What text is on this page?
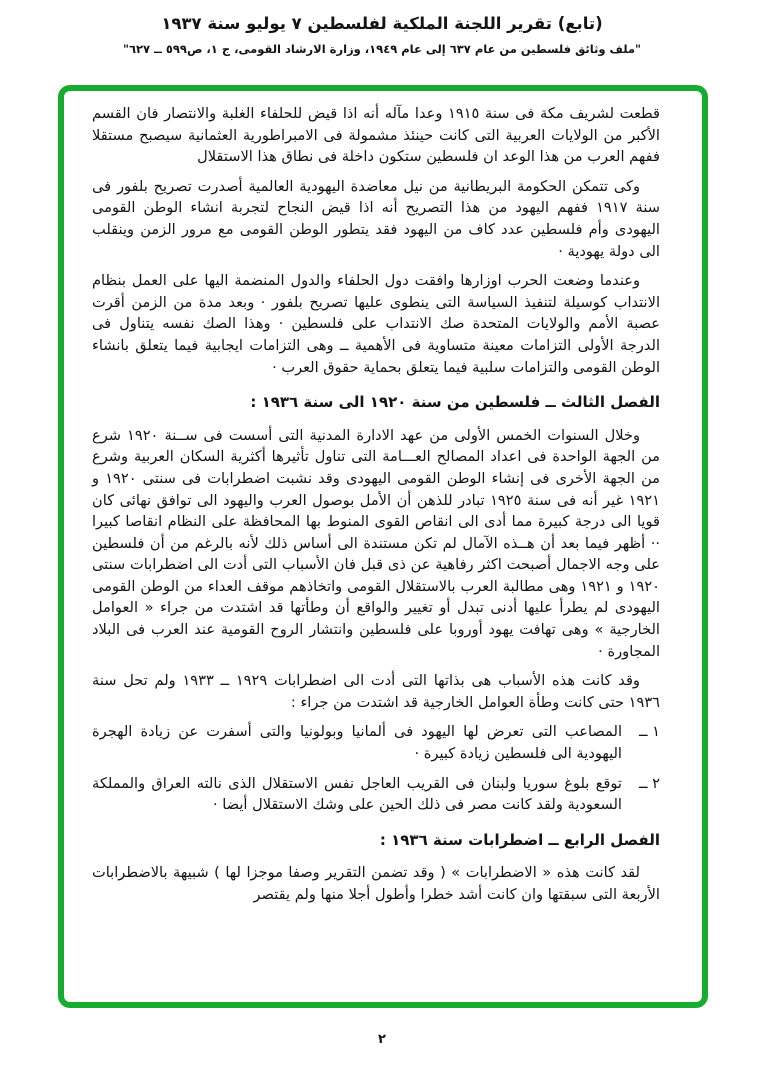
(تابع) تقرير اللجنة الملكية لفلسطين ٧ يوليو سنة ١٩٣٧
"ملف وثائق فلسطين من عام ٦٣٧ إلى عام ١٩٤٩، وزارة الارشاد القومى، ج ١، ص٥٩٩ ــ ٦٢٧"

قطعت لشريف مكة فى سنة ١٩١٥ وعدا مآله أنه اذا قيض للحلفاء الغلبة والانتصار فان القسم الأكبر من الولايات العربية التى كانت حينئذ مشمولة فى الامبراطورية العثمانية سيصبح مستقلا ففهم العرب من هذا الوعد ان فلسطين ستكون داخلة فى نطاق هذا الاستقلال

وكى تتمكن الحكومة البريطانية من نيل معاضدة اليهودية العالمية أصدرت تصريح بلفور فى سنة ١٩١٧ ففهم اليهود من هذا التصريح أنه اذا قيض النجاح لتجربة انشاء الوطن القومى اليهودى وأم فلسطين عدد كاف من اليهود فقد يتطور الوطن القومى مع مرور الزمن وينقلب الى دولة يهودية ·

وعندما وضعت الحرب اوزارها وافقت دول الحلفاء والدول المنضمة اليها على العمل بنظام الانتداب كوسيلة لتنفيذ السياسة التى ينطوى عليها تصريح بلفور · وبعد مدة من الزمن أقرت عصبة الأمم والولايات المتحدة صك الانتداب على فلسطين · وهذا الصك نفسه يتناول فى الدرجة الأولى التزامات معينة متساوية فى الأهمية ــ وهى التزامات ايجابية فيما يتعلق بانشاء الوطن القومى والتزامات سلبية فيما يتعلق بحماية حقوق العرب ·

الفصل الثالث ــ فلسطين من سنة ١٩٢٠ الى سنة ١٩٣٦ :

وخلال السنوات الخمس الأولى من عهد الادارة المدنية التى أسست فى ســنة ١٩٢٠ شرع من الجهة الواحدة فى اعداد المصالح العـــامة التى تناول تأثيرها أكثرية السكان العربية وشرع من الجهة الأخرى فى إنشاء الوطن القومى اليهودى وقد نشبت اضطرابات فى سنتى ١٩٢٠ و ١٩٢١ غير أنه فى سنة ١٩٢٥ تبادر للذهن أن الأمل بوصول العرب واليهود الى توافق نهائى كان قويا الى درجة كبيرة مما أدى الى انقاص القوى المنوط بها المحافظة على النظام انقاصا كبيرا ·· أظهر فيما بعد أن هــذه الآمال لم تكن مستندة الى أساس ذلك لأنه بالرغم من أن فلسطين على وجه الاجمال أصبحت اكثر رفاهية عن ذى قبل فان الأسباب التى أدت الى اضطرابات سنتى ١٩٢٠ و ١٩٢١ وهى مطالبة العرب بالاستقلال القومى واتخاذهم موقف العداء من الوطن القومى اليهودى لم يطرأ عليها أدنى تبدل أو تغيير والواقع أن وطأتها قد اشتدت من جراء « العوامل الخارجية » وهى تهافت يهود أوروبا على فلسطين وانتشار الروح القومية عند العرب فى البلاد المجاورة ·

وقد كانت هذه الأسباب هى بذاتها التى أدت الى اضطرابات ١٩٢٩ ــ ١٩٣٣ ولم تحل سنة ١٩٣٦ حتى كانت وطأة العوامل الخارجية قد اشتدت من جراء :

١ ــ
المصاعب التى تعرض لها اليهود فى ألمانيا وبولونيا والتى أسفرت عن زيادة الهجرة اليهودية الى فلسطين زيادة كبيرة ·
٢ ــ
توقع بلوغ سوريا ولبنان فى القريب العاجل نفس الاستقلال الذى نالته العراق والمملكة السعودية ولقد كانت مصر فى ذلك الحين على وشك الاستقلال أيضا ·
الفصل الرابع ــ اضطرابات سنة ١٩٣٦ :

لقد كانت هذه « الاضطرابات » ( وقد تضمن التقرير وصفا موجزا لها ) شبيهة بالاضطرابات الأربعة التى سبقتها وان كانت أشد خطرا وأطول أجلا منها ولم يقتصر

٢
